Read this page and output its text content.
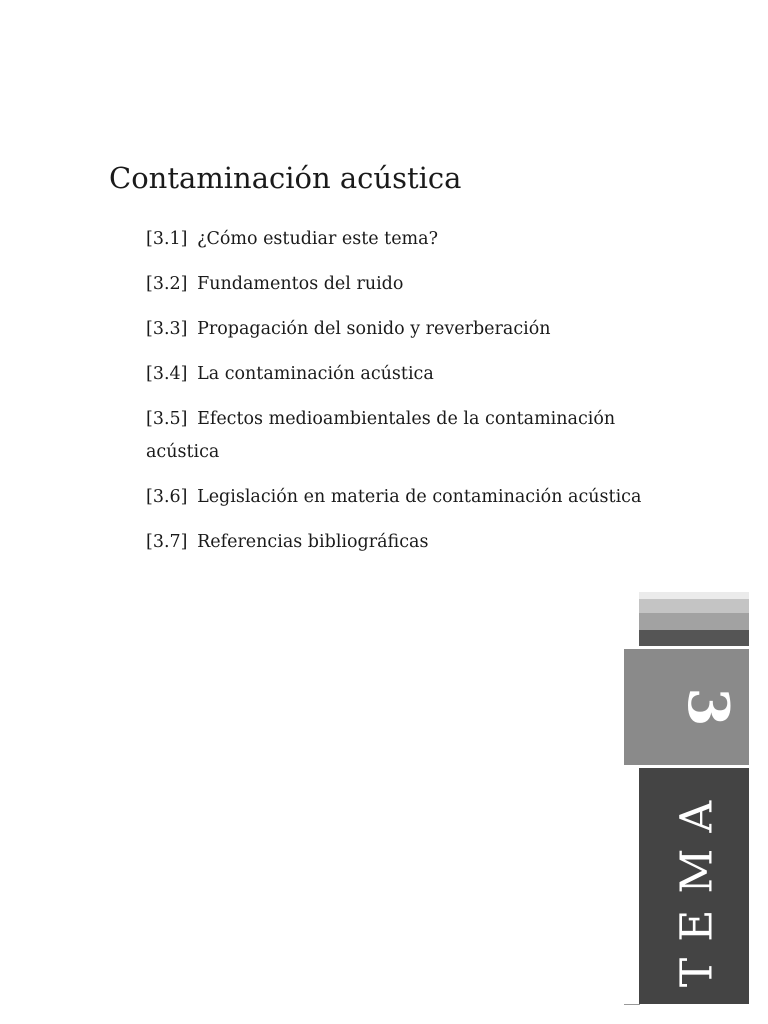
Contaminación acústica
[3.1] ¿Cómo estudiar este tema?
[3.2] Fundamentos del ruido
[3.3] Propagación del sonido y reverberación
[3.4] La contaminación acústica
[3.5] Efectos medioambientales de la contaminación acústica
[3.6] Legislación en materia de contaminación acústica
[3.7] Referencias bibliográficas
3
TEMA
